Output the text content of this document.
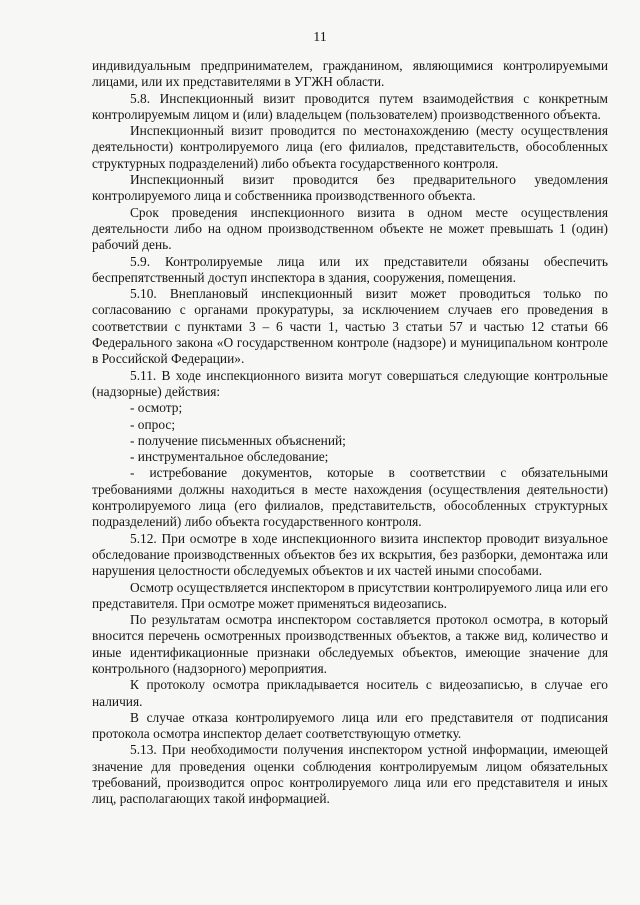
11

индивидуальным предпринимателем, гражданином, являющимися контролируемыми лицами, или их представителями в УГЖН области.

5.8. Инспекционный визит проводится путем взаимодействия с конкретным контролируемым лицом и (или) владельцем (пользователем) производственного объекта.

Инспекционный визит проводится по местонахождению (месту осуществления деятельности) контролируемого лица (его филиалов, представительств, обособленных структурных подразделений) либо объекта государственного контроля.

Инспекционный визит проводится без предварительного уведомления контролируемого лица и собственника производственного объекта.

Срок проведения инспекционного визита в одном месте осуществления деятельности либо на одном производственном объекте не может превышать 1 (один) рабочий день.

5.9. Контролируемые лица или их представители обязаны обеспечить беспрепятственный доступ инспектора в здания, сооружения, помещения.

5.10. Внеплановый инспекционный визит может проводиться только по согласованию с органами прокуратуры, за исключением случаев его проведения в соответствии с пунктами 3 – 6 части 1, частью 3 статьи 57 и частью 12 статьи 66 Федерального закона «О государственном контроле (надзоре) и муниципальном контроле в Российской Федерации».

5.11. В ходе инспекционного визита могут совершаться следующие контрольные (надзорные) действия:

- осмотр;

- опрос;

- получение письменных объяснений;

- инструментальное обследование;

- истребование документов, которые в соответствии с обязательными требованиями должны находиться в месте нахождения (осуществления деятельности) контролируемого лица (его филиалов, представительств, обособленных структурных подразделений) либо объекта государственного контроля.

5.12. При осмотре в ходе инспекционного визита инспектор проводит визуальное обследование производственных объектов без их вскрытия, без разборки, демонтажа или нарушения целостности обследуемых объектов и их частей иными способами.

Осмотр осуществляется инспектором в присутствии контролируемого лица или его представителя. При осмотре может применяться видеозапись.

По результатам осмотра инспектором составляется протокол осмотра, в который вносится перечень осмотренных производственных объектов, а также вид, количество и иные идентификационные признаки обследуемых объектов, имеющие значение для контрольного (надзорного) мероприятия.

К протоколу осмотра прикладывается носитель с видеозаписью, в случае его наличия.

В случае отказа контролируемого лица или его представителя от подписания протокола осмотра инспектор делает соответствующую отметку.

5.13. При необходимости получения инспектором устной информации, имеющей значение для проведения оценки соблюдения контролируемым лицом обязательных требований, производится опрос контролируемого лица или его представителя и иных лиц, располагающих такой информацией.
